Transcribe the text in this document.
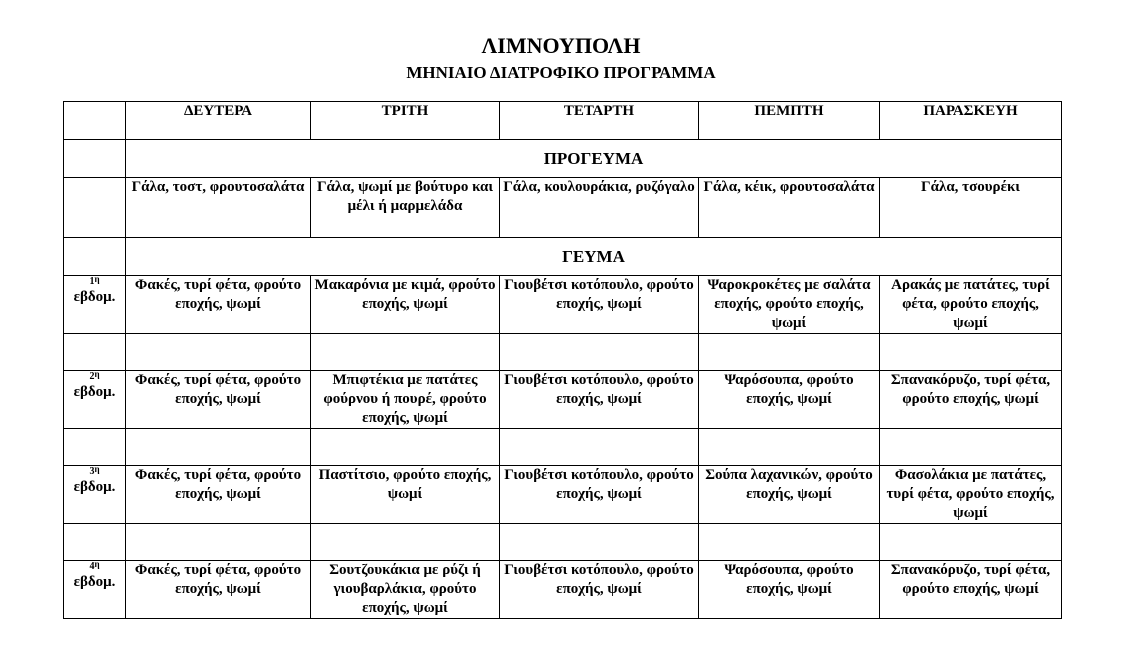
ΛΙΜΝΟΥΠΟΛΗ
ΜΗΝΙΑΙΟ ΔΙΑΤΡΟΦΙΚΟ ΠΡΟΓΡΑΜΜΑ
	ΔΕΥΤΕΡΑ	ΤΡΙΤΗ	ΤΕΤΑΡΤΗ	ΠΕΜΠΤΗ	ΠΑΡΑΣΚΕΥΗ
	ΠΡΟΓΕΥΜΑ				
	Γάλα, τοστ, φρουτοσαλάτα	Γάλα, ψωμί με βούτυρο και μέλι ή μαρμελάδα	Γάλα, κουλουράκια, ρυζόγαλο	Γάλα, κέικ, φρουτοσαλάτα	Γάλα, τσουρέκι
	ΓΕΥΜΑ				

$1^\eta$
εβδομ.	Φακές, τυρί φέτα, φρούτο εποχής, ψωμί	Μακαρόνια με κιμά, φρούτο εποχής, ψωμί	Γιουβέτσι κοτόπουλο, φρούτο εποχής, ψωμί	Ψαροκροκέτες με σαλάτα εποχής, φρούτο εποχής, ψωμί	Αρακάς με πατάτες, τυρί φέτα, φρούτο εποχής, ψωμί

$2^\eta$
εβδομ.	Φακές, τυρί φέτα, φρούτο εποχής, ψωμί	Μπιφτέκια με πατάτες φούρνου ή πουρέ, φρούτο εποχής, ψωμί	Γιουβέτσι κοτόπουλο, φρούτο εποχής, ψωμί	Ψαρόσουπα, φρούτο εποχής, ψωμί	Σπανακόρυζο, τυρί φέτα, φρούτο εποχής, ψωμί

$3^\eta$
εβδομ.	Φακές, τυρί φέτα, φρούτο εποχής, ψωμί	Παστίτσιο, φρούτο εποχής, ψωμί	Γιουβέτσι κοτόπουλο, φρούτο εποχής, ψωμί	Σούπα λαχανικών, φρούτο εποχής, ψωμί	Φασολάκια με πατάτες, τυρί φέτα, φρούτο εποχής, ψωμί

$4^\eta$
εβδομ.	Φακές, τυρί φέτα, φρούτο εποχής, ψωμί	Σουτζουκάκια με ρύζι ή γιουβαρλάκια, φρούτο εποχής, ψωμί	Γιουβέτσι κοτόπουλο, φρούτο εποχής, ψωμί	Ψαρόσουπα, φρούτο εποχής, ψωμί	Σπανακόρυζο, τυρί φέτα, φρούτο εποχής, ψωμί
